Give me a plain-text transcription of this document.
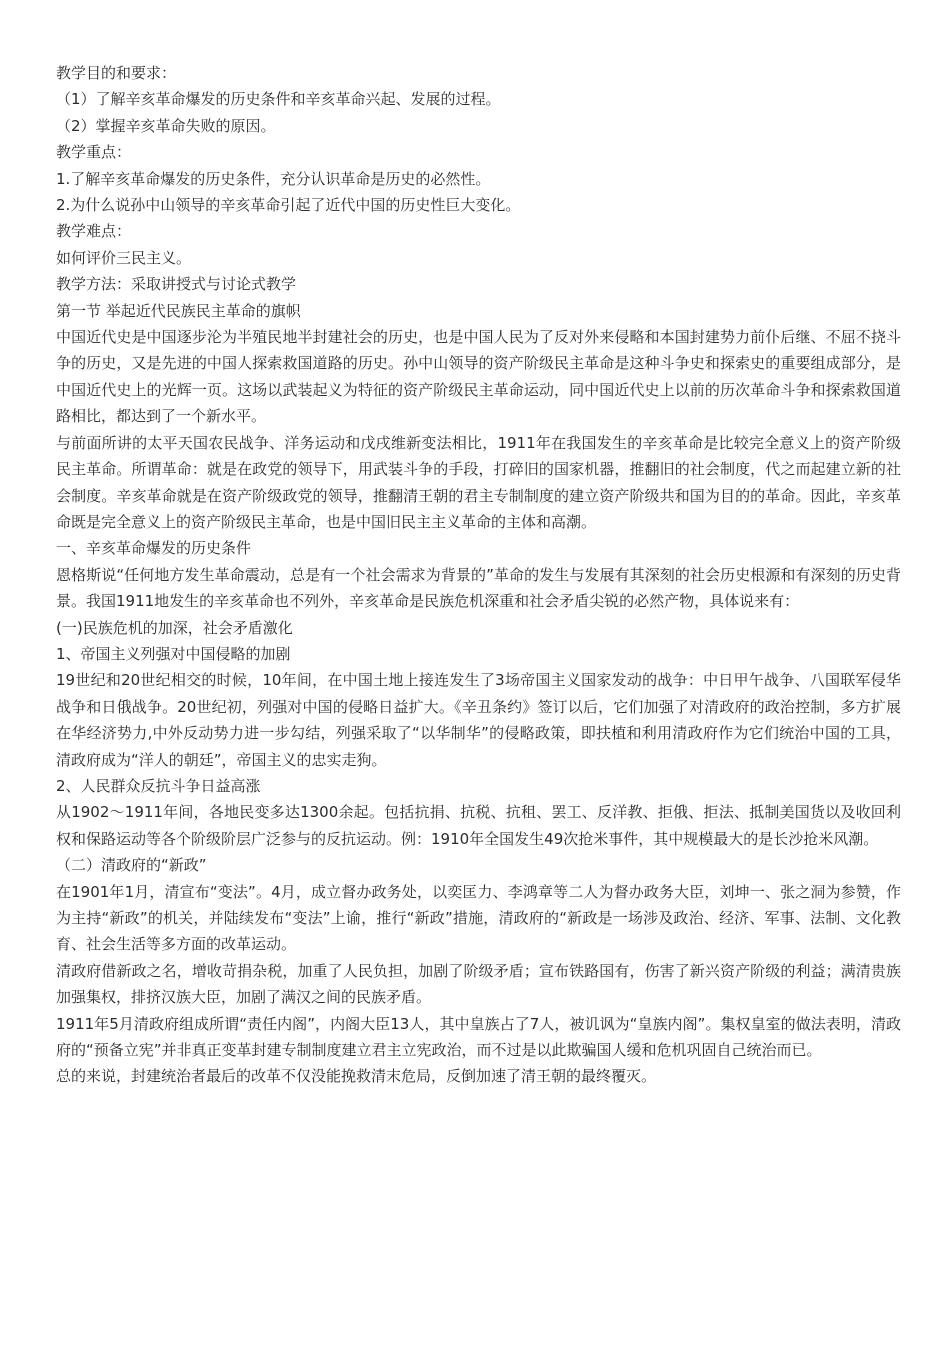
教学目的和要求：

（1）了解辛亥革命爆发的历史条件和辛亥革命兴起、发展的过程。

（2）掌握辛亥革命失败的原因。

教学重点：

1.了解辛亥革命爆发的历史条件，充分认识革命是历史的必然性。

2.为什么说孙中山领导的辛亥革命引起了近代中国的历史性巨大变化。

教学难点：

如何评价三民主义。

教学方法：采取讲授式与讨论式教学

第一节 举起近代民族民主革命的旗帜

中国近代史是中国逐步沦为半殖民地半封建社会的历史，也是中国人民为了反对外来侵略和本国封建势力前仆后继、不屈不挠斗争的历史，又是先进的中国人探索救国道路的历史。孙中山领导的资产阶级民主革命是这种斗争史和探索史的重要组成部分，是中国近代史上的光辉一页。这场以武装起义为特征的资产阶级民主革命运动，同中国近代史上以前的历次革命斗争和探索救国道路相比，都达到了一个新水平。

与前面所讲的太平天国农民战争、洋务运动和戊戌维新变法相比，1911年在我国发生的辛亥革命是比较完全意义上的资产阶级民主革命。所谓革命：就是在政党的领导下，用武装斗争的手段，打碎旧的国家机器，推翻旧的社会制度，代之而起建立新的社会制度。辛亥革命就是在资产阶级政党的领导，推翻清王朝的君主专制制度的建立资产阶级共和国为目的的革命。因此，辛亥革命既是完全意义上的资产阶级民主革命，也是中国旧民主主义革命的主体和高潮。

一、辛亥革命爆发的历史条件

恩格斯说“任何地方发生革命震动，总是有一个社会需求为背景的”革命的发生与发展有其深刻的社会历史根源和有深刻的历史背景。我国1911地发生的辛亥革命也不列外，辛亥革命是民族危机深重和社会矛盾尖锐的必然产物，具体说来有：

(一)民族危机的加深，社会矛盾激化

1、帝国主义列强对中国侵略的加剧

19世纪和20世纪相交的时候，10年间，在中国土地上接连发生了3场帝国主义国家发动的战争：中日甲午战争、八国联军侵华战争和日俄战争。20世纪初，列强对中国的侵略日益扩大。《辛丑条约》签订以后，它们加强了对清政府的政治控制，多方扩展在华经济势力,中外反动势力进一步勾结，列强采取了“以华制华”的侵略政策，即扶植和利用清政府作为它们统治中国的工具，清政府成为“洋人的朝廷”，帝国主义的忠实走狗。

2、人民群众反抗斗争日益高涨

从1902～1911年间，各地民变多达1300余起。包括抗捐、抗税、抗租、罢工、反洋教、拒俄、拒法、抵制美国货以及收回利权和保路运动等各个阶级阶层广泛参与的反抗运动。例：1910年全国发生49次抢米事件，其中规模最大的是长沙抢米风潮。

（二）清政府的“新政”

在1901年1月，清宣布“变法”。4月，成立督办政务处，以奕匡力、李鸿章等二人为督办政务大臣，刘坤一、张之洞为参赞，作为主持“新政”的机关，并陆续发布“变法”上谕，推行“新政”措施，清政府的“新政是一场涉及政治、经济、军事、法制、文化教育、社会生活等多方面的改革运动。

清政府借新政之名，增收苛捐杂税，加重了人民负担，加剧了阶级矛盾；宣布铁路国有，伤害了新兴资产阶级的利益；满清贵族加强集权，排挤汉族大臣，加剧了满汉之间的民族矛盾。

1911年5月清政府组成所谓“责任内阁”，内阁大臣13人，其中皇族占了7人，被讥讽为“皇族内阁”。集权皇室的做法表明，清政府的“预备立宪”并非真正变革封建专制制度建立君主立宪政治，而不过是以此欺骗国人缓和危机巩固自己统治而已。

总的来说，封建统治者最后的改革不仅没能挽救清末危局，反倒加速了清王朝的最终覆灭。
